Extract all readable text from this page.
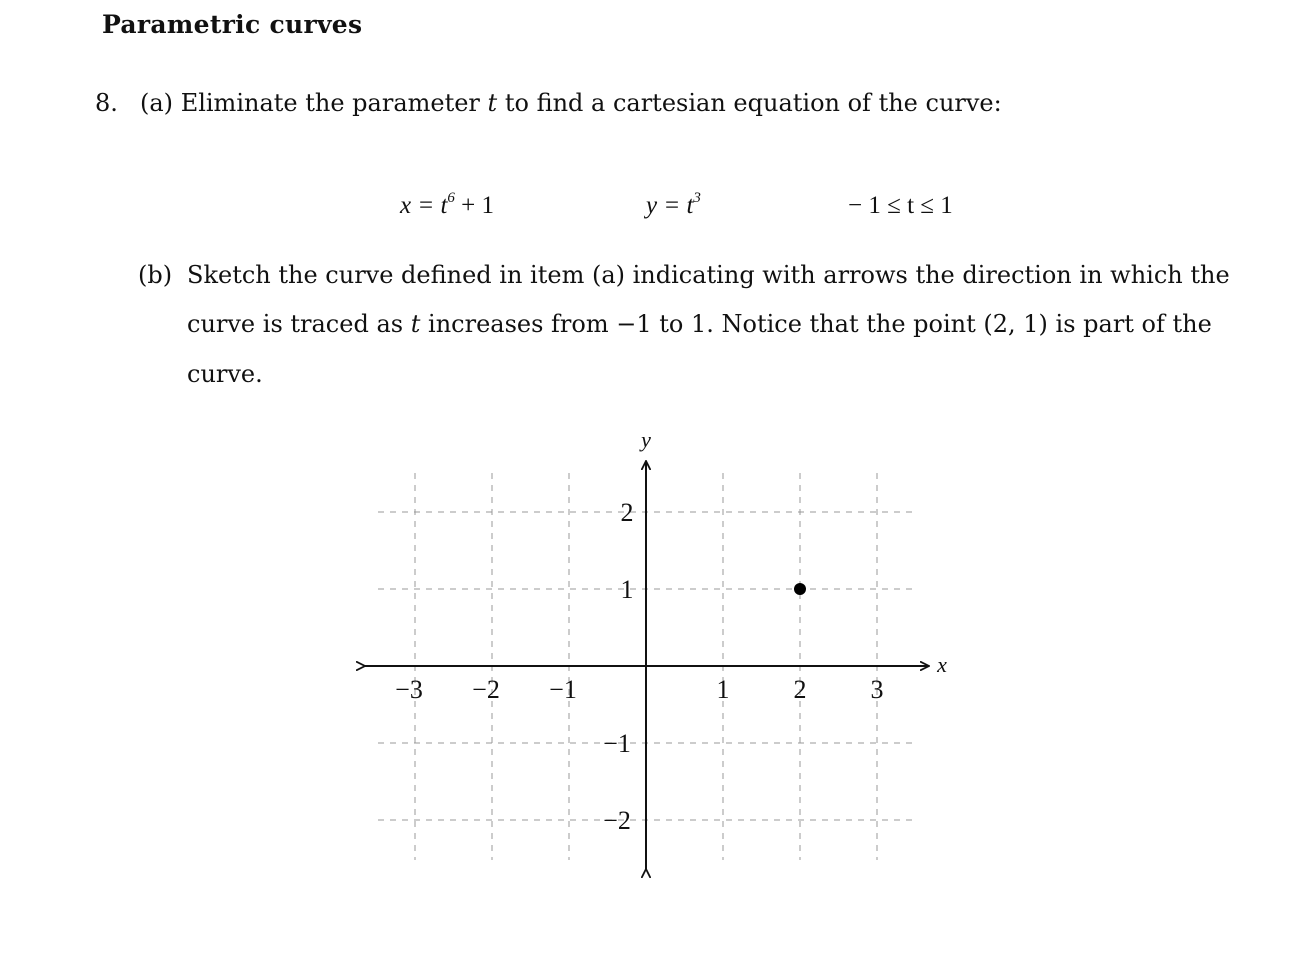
Parametric curves
8. (a) Eliminate the parameter t to find a cartesian equation of the curve:
$x = t^6 + 1$	$y = t^3$	− 1 ≤ t ≤ 1
(b) Sketch the curve defined in item (a) indicating with arrows the direction in which the
curve is traced as t increases from −1 to 1. Notice that the point (2, 1) is part of the
curve.
x
y
−3 −2 −1	1 2 3
−2
−1
1
2
